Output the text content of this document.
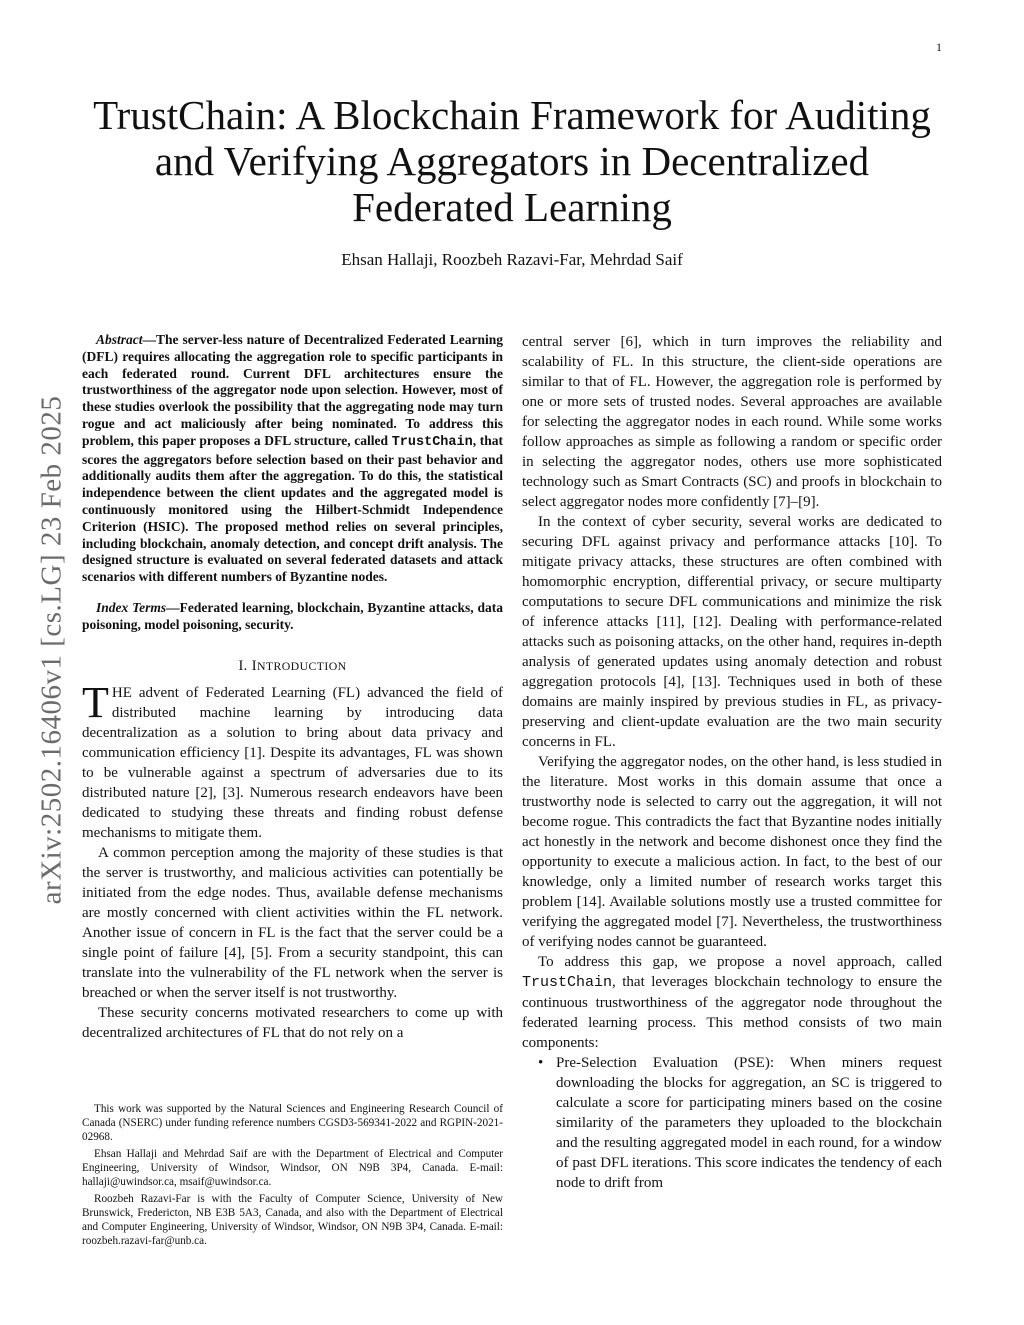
1
TrustChain: A Blockchain Framework for Auditing
and Verifying Aggregators in Decentralized
Federated Learning
Ehsan Hallaji, Roozbeh Razavi-Far, Mehrdad Saif
arXiv:2502.16406v1 [cs.LG] 23 Feb 2025

Abstract—The server-less nature of Decentralized Federated Learning (DFL) requires allocating the aggregation role to specific participants in each federated round. Current DFL architectures ensure the trustworthiness of the aggregator node upon selection. However, most of these studies overlook the possibility that the aggregating node may turn rogue and act maliciously after being nominated. To address this problem, this paper proposes a DFL structure, called TrustChain, that scores the aggregators before selection based on their past behavior and additionally audits them after the aggregation. To do this, the statistical independence between the client updates and the aggregated model is continuously monitored using the Hilbert-Schmidt Independence Criterion (HSIC). The proposed method relies on several principles, including blockchain, anomaly detection, and concept drift analysis. The designed structure is evaluated on several federated datasets and attack scenarios with different numbers of Byzantine nodes.

Index Terms—Federated learning, blockchain, Byzantine attacks, data poisoning, model poisoning, security.

I. INTRODUCTION

THE advent of Federated Learning (FL) advanced the field of distributed machine learning by introducing data decentralization as a solution to bring about data privacy and communication efficiency [1]. Despite its advantages, FL was shown to be vulnerable against a spectrum of adversaries due to its distributed nature [2], [3]. Numerous research endeavors have been dedicated to studying these threats and finding robust defense mechanisms to mitigate them.

A common perception among the majority of these studies is that the server is trustworthy, and malicious activities can potentially be initiated from the edge nodes. Thus, available defense mechanisms are mostly concerned with client activities within the FL network. Another issue of concern in FL is the fact that the server could be a single point of failure [4], [5]. From a security standpoint, this can translate into the vulnerability of the FL network when the server is breached or when the server itself is not trustworthy.

These security concerns motivated researchers to come up with decentralized architectures of FL that do not rely on a

This work was supported by the Natural Sciences and Engineering Research Council of Canada (NSERC) under funding reference numbers CGSD3-569341-2022 and RGPIN-2021-02968.

Ehsan Hallaji and Mehrdad Saif are with the Department of Electrical and Computer Engineering, University of Windsor, Windsor, ON N9B 3P4, Canada. E-mail: hallaji@uwindsor.ca, msaif@uwindsor.ca.

Roozbeh Razavi-Far is with the Faculty of Computer Science, University of New Brunswick, Fredericton, NB E3B 5A3, Canada, and also with the Department of Electrical and Computer Engineering, University of Windsor, Windsor, ON N9B 3P4, Canada. E-mail: roozbeh.razavi-far@unb.ca.

central server [6], which in turn improves the reliability and scalability of FL. In this structure, the client-side operations are similar to that of FL. However, the aggregation role is performed by one or more sets of trusted nodes. Several approaches are available for selecting the aggregator nodes in each round. While some works follow approaches as simple as following a random or specific order in selecting the aggregator nodes, others use more sophisticated technology such as Smart Contracts (SC) and proofs in blockchain to select aggregator nodes more confidently [7]–[9].

In the context of cyber security, several works are dedicated to securing DFL against privacy and performance attacks [10]. To mitigate privacy attacks, these structures are often combined with homomorphic encryption, differential privacy, or secure multiparty computations to secure DFL communications and minimize the risk of inference attacks [11], [12]. Dealing with performance-related attacks such as poisoning attacks, on the other hand, requires in-depth analysis of generated updates using anomaly detection and robust aggregation protocols [4], [13]. Techniques used in both of these domains are mainly inspired by previous studies in FL, as privacy-preserving and client-update evaluation are the two main security concerns in FL.

Verifying the aggregator nodes, on the other hand, is less studied in the literature. Most works in this domain assume that once a trustworthy node is selected to carry out the aggregation, it will not become rogue. This contradicts the fact that Byzantine nodes initially act honestly in the network and become dishonest once they find the opportunity to execute a malicious action. In fact, to the best of our knowledge, only a limited number of research works target this problem [14]. Available solutions mostly use a trusted committee for verifying the aggregated model [7]. Nevertheless, the trustworthiness of verifying nodes cannot be guaranteed.

To address this gap, we propose a novel approach, called TrustChain, that leverages blockchain technology to ensure the continuous trustworthiness of the aggregator node throughout the federated learning process. This method consists of two main components:

• Pre-Selection Evaluation (PSE): When miners request downloading the blocks for aggregation, an SC is triggered to calculate a score for participating miners based on the cosine similarity of the parameters they uploaded to the blockchain and the resulting aggregated model in each round, for a window of past DFL iterations. This score indicates the tendency of each node to drift from
